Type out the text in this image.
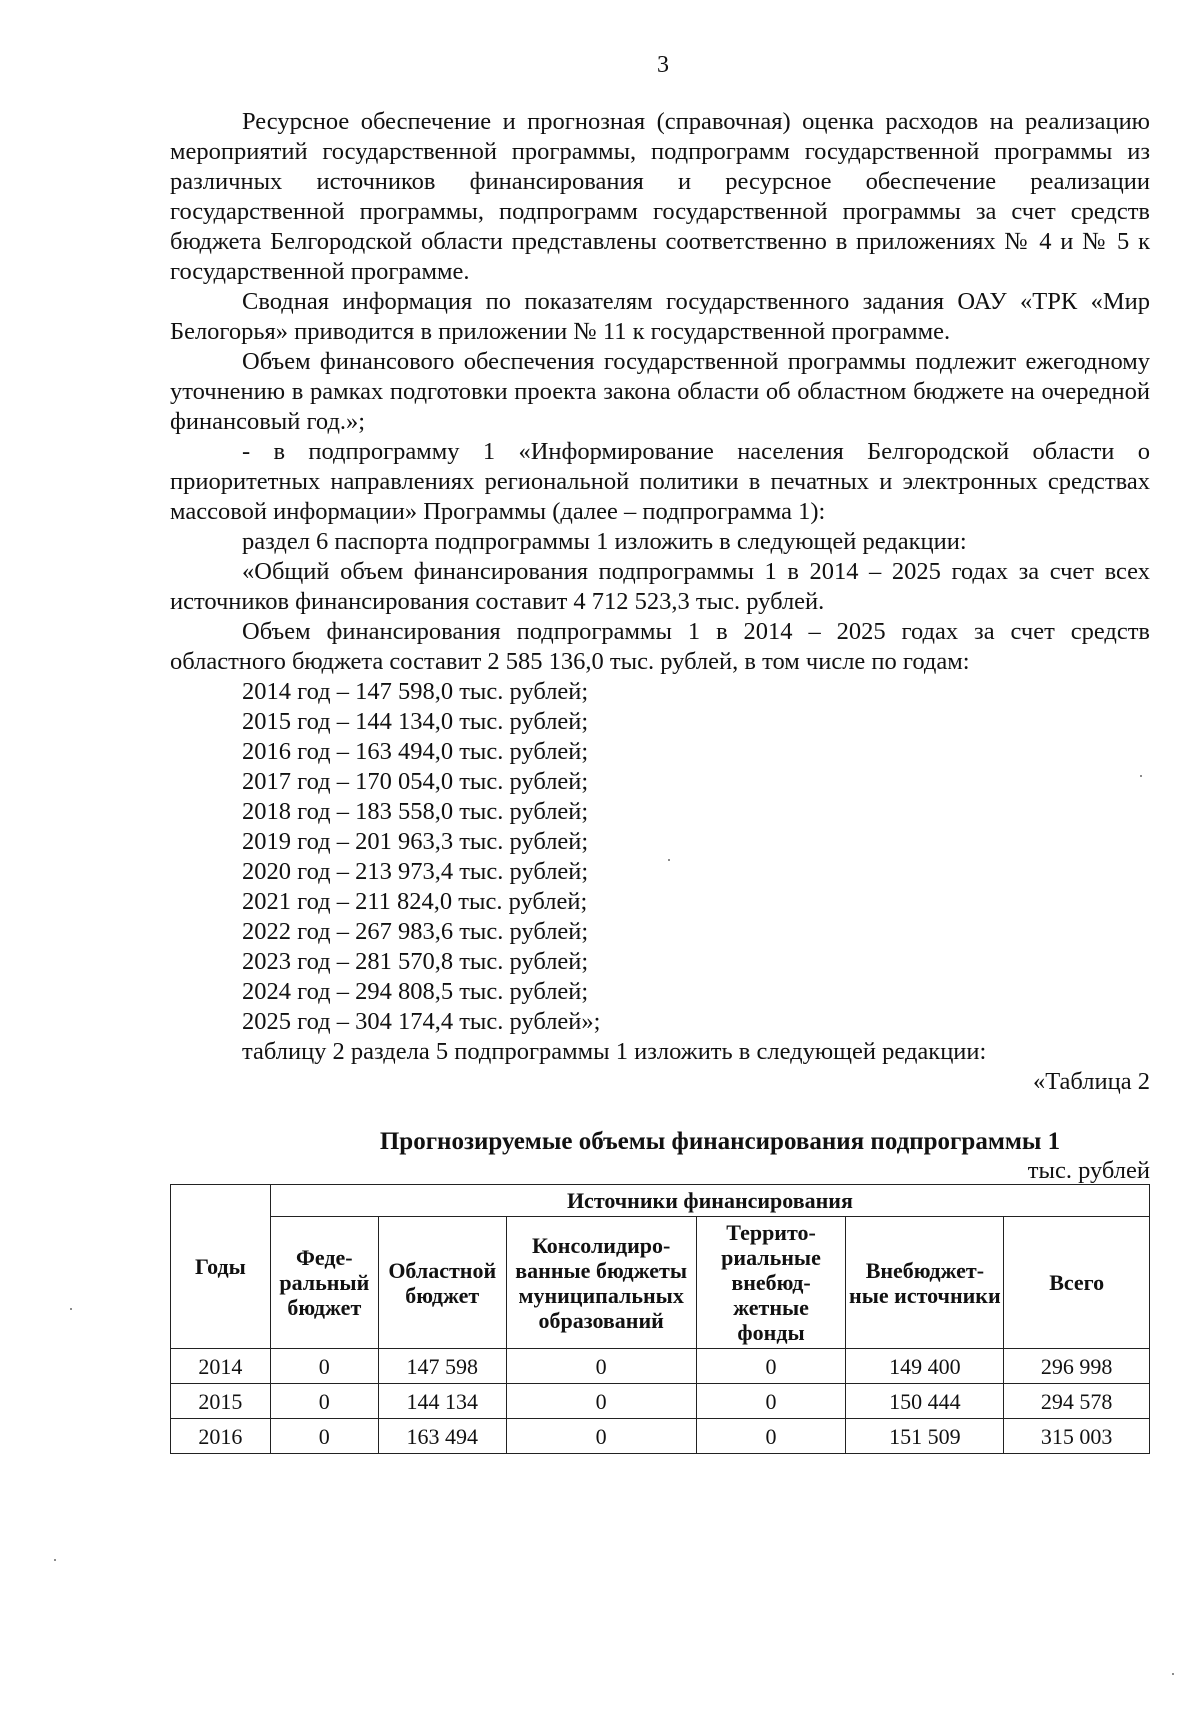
3

Ресурсное обеспечение и прогнозная (справочная) оценка расходов на реализацию мероприятий государственной программы, подпрограмм государственной программы из различных источников финансирования и ресурсное обеспечение реализации государственной программы, подпрограмм государственной программы за счет средств бюджета Белгородской области представлены соответственно в приложениях № 4 и № 5 к государственной программе.

Сводная информация по показателям государственного задания ОАУ «ТРК «Мир Белогорья» приводится в приложении № 11 к государственной программе.

Объем финансового обеспечения государственной программы подлежит ежегодному уточнению в рамках подготовки проекта закона области об областном бюджете на очередной финансовый год.»;

- в подпрограмму 1 «Информирование населения Белгородской области о приоритетных направлениях региональной политики в печатных и электронных средствах массовой информации» Программы (далее – подпрограмма 1):

раздел 6 паспорта подпрограммы 1 изложить в следующей редакции:

«Общий объем финансирования подпрограммы 1 в 2014 – 2025 годах за счет всех источников финансирования составит 4 712 523,3 тыс. рублей.

Объем финансирования подпрограммы 1 в 2014 – 2025 годах за счет средств областного бюджета составит 2 585 136,0 тыс. рублей, в том числе по годам:

2014 год – 147 598,0 тыс. рублей;
2015 год – 144 134,0 тыс. рублей;
2016 год – 163 494,0 тыс. рублей;
2017 год – 170 054,0 тыс. рублей;
2018 год – 183 558,0 тыс. рублей;
2019 год – 201 963,3 тыс. рублей;
2020 год – 213 973,4 тыс. рублей;
2021 год – 211 824,0 тыс. рублей;
2022 год – 267 983,6 тыс. рублей;
2023 год – 281 570,8 тыс. рублей;
2024 год – 294 808,5 тыс. рублей;
2025 год – 304 174,4 тыс. рублей»;

таблицу 2 раздела 5 подпрограммы 1 изложить в следующей редакции:

«Таблица 2

Прогнозируемые объемы финансирования подпрограммы 1

тыс. рублей

Годы	Источники финансирования					
	Феде-ральный бюджет	Областной бюджет	Консолидиро-ванные бюджеты муниципальных образований	Террито-риальные внебюд-жетные фонды	Внебюджет-ные источники	Всего
2014	0	147 598	0	0	149 400	296 998
2015	0	144 134	0	0	150 444	294 578
2016	0	163 494	0	0	151 509	315 003
